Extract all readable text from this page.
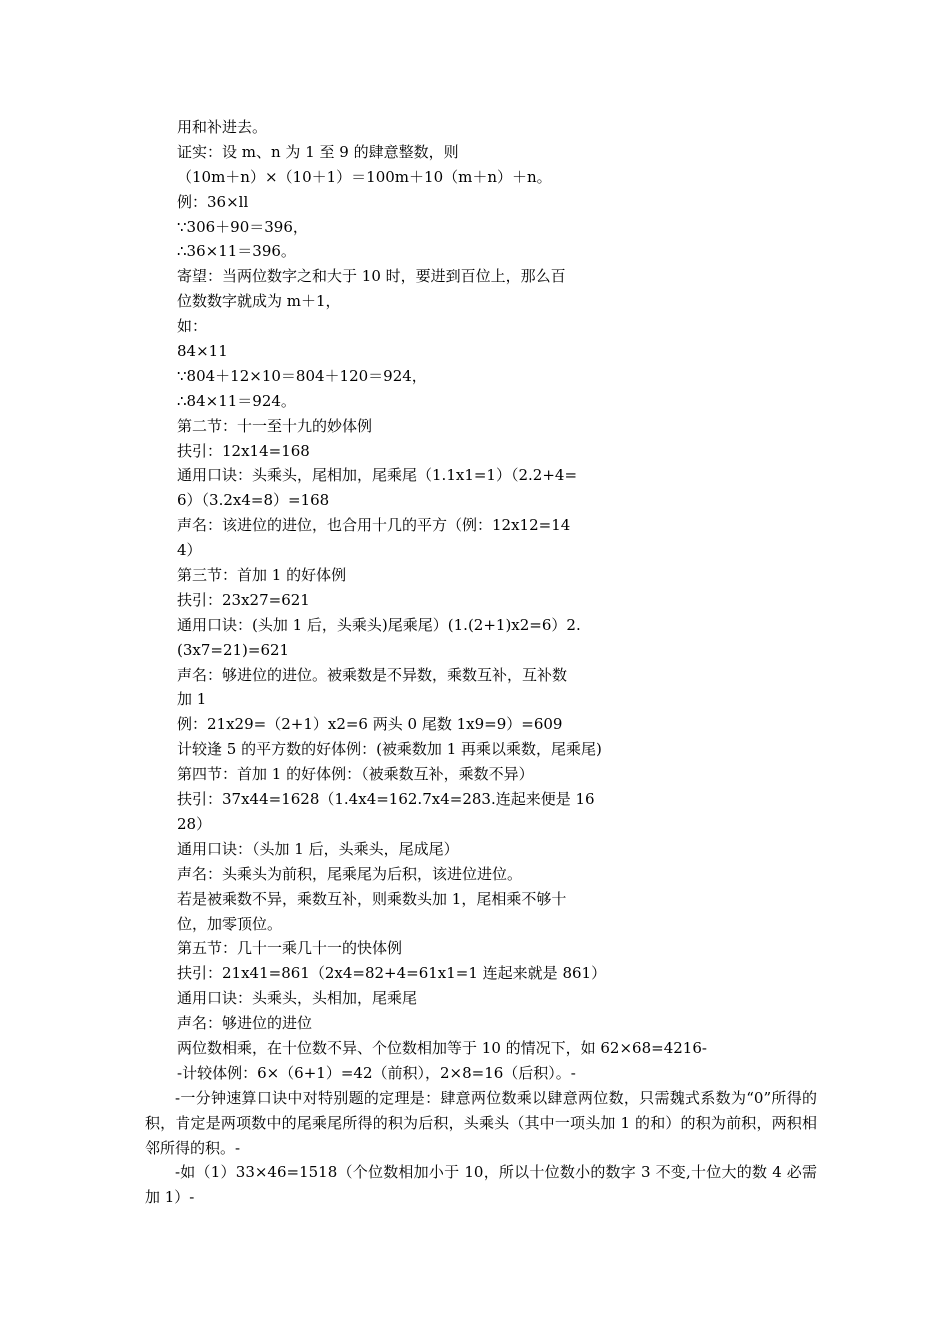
用和补进去。
证实：设 m、n 为 1 至 9 的肆意整数，则
（10m＋n）×（10＋1）＝100m＋10（m＋n）＋n。
例：36×ll
∵306＋90＝396，
∴36×11＝396。
寄望：当两位数字之和大于 10 时，要进到百位上，那么百
位数数字就成为 m＋1，
如：
84×11
∵804＋12×10＝804＋120＝924，
∴84×11＝924。
第二节：十一至十九的妙体例
扶引：12x14=168
通用口诀：头乘头，尾相加，尾乘尾（1.1x1=1）（2.2+4=
6）（3.2x4=8）=168
声名：该进位的进位，也合用十几的平方（例：12x12=14
4）
第三节：首加 1 的好体例
扶引：23x27=621
通用口诀：(头加 1 后，头乘头)尾乘尾）(1.(2+1)x2=6）2.
(3x7=21)=621
声名：够进位的进位。被乘数是不异数，乘数互补，互补数
加 1
例：21x29=（2+1）x2=6 两头 0 尾数 1x9=9）=609
计较逢 5 的平方数的好体例：(被乘数加 1 再乘以乘数，尾乘尾)
第四节：首加 1 的好体例：（被乘数互补，乘数不异）
扶引：37x44=1628（1.4x4=162.7x4=283.连起来便是 16
28）
通用口诀：（头加 1 后，头乘头，尾成尾）
声名：头乘头为前积，尾乘尾为后积，该进位进位。
若是被乘数不异，乘数互补，则乘数头加 1，尾相乘不够十
位，加零顶位。
第五节：几十一乘几十一的快体例
扶引：21x41=861（2x4=82+4=61x1=1 连起来就是 861）
通用口诀：头乘头，头相加，尾乘尾
声名：够进位的进位
两位数相乘，在十位数不异、个位数相加等于 10 的情况下，如 62×68=4216-
-计较体例：6×（6+1）=42（前积），2×8=16（后积）。-
-一分钟速算口诀中对特别题的定理是：肆意两位数乘以肆意两位数，只需魏式系数为“0”所得的积，肯定是两项数中的尾乘尾所得的积为后积，头乘头（其中一项头加 1 的和）的积为前积，两积相邻所得的积。-
-如（1）33×46=1518（个位数相加小于 10，所以十位数小的数字 3 不变,十位大的数 4 必需加 1）-
